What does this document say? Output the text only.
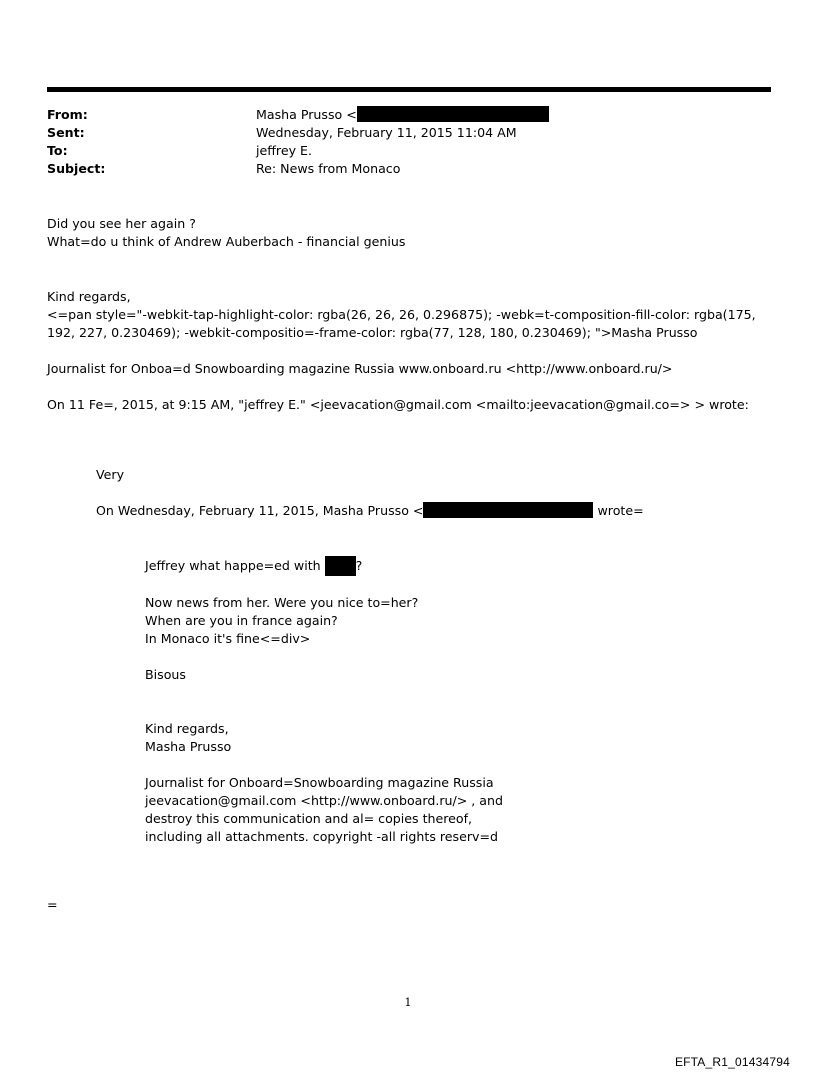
From:	Masha Prusso <
Sent:	Wednesday, February 11, 2015 11:04 AM
To:	jeffrey E.
Subject:	Re: News from Monaco

Did you see her again ?

What=do u think of Andrew Auberbach - financial genius

Kind regards,

<=pan style="-webkit-tap-highlight-color: rgba(26, 26, 26, 0.296875); -webk=t-composition-fill-color: rgba(175, 192, 227, 0.230469); -webkit-compositio=-frame-color: rgba(77, 128, 180, 0.230469); ">Masha Prusso

Journalist for Onboa=d Snowboarding magazine Russia www.onboard.ru <http://www.onboard.ru/>

On 11 Fe=, 2015, at 9:15 AM, "jeffrey E." <jeevacation@gmail.com <mailto:jeevacation@gmail.co=> > wrote:

Very

On Wednesday, February 11, 2015, Masha Prusso <	wrote=

Jeffrey what happe=ed with ?

Now news from her. Were you nice to=her?

When are you in france again?

In Monaco it's fine<=div>

Bisous

Kind regards,

Masha Prusso

Journalist for Onboard=Snowboarding magazine Russia

jeevacation@gmail.com <http://www.onboard.ru/> , and

destroy this communication and al= copies thereof,

including all attachments. copyright -all rights reserv=d

=
1
EFTA_R1_01434794
